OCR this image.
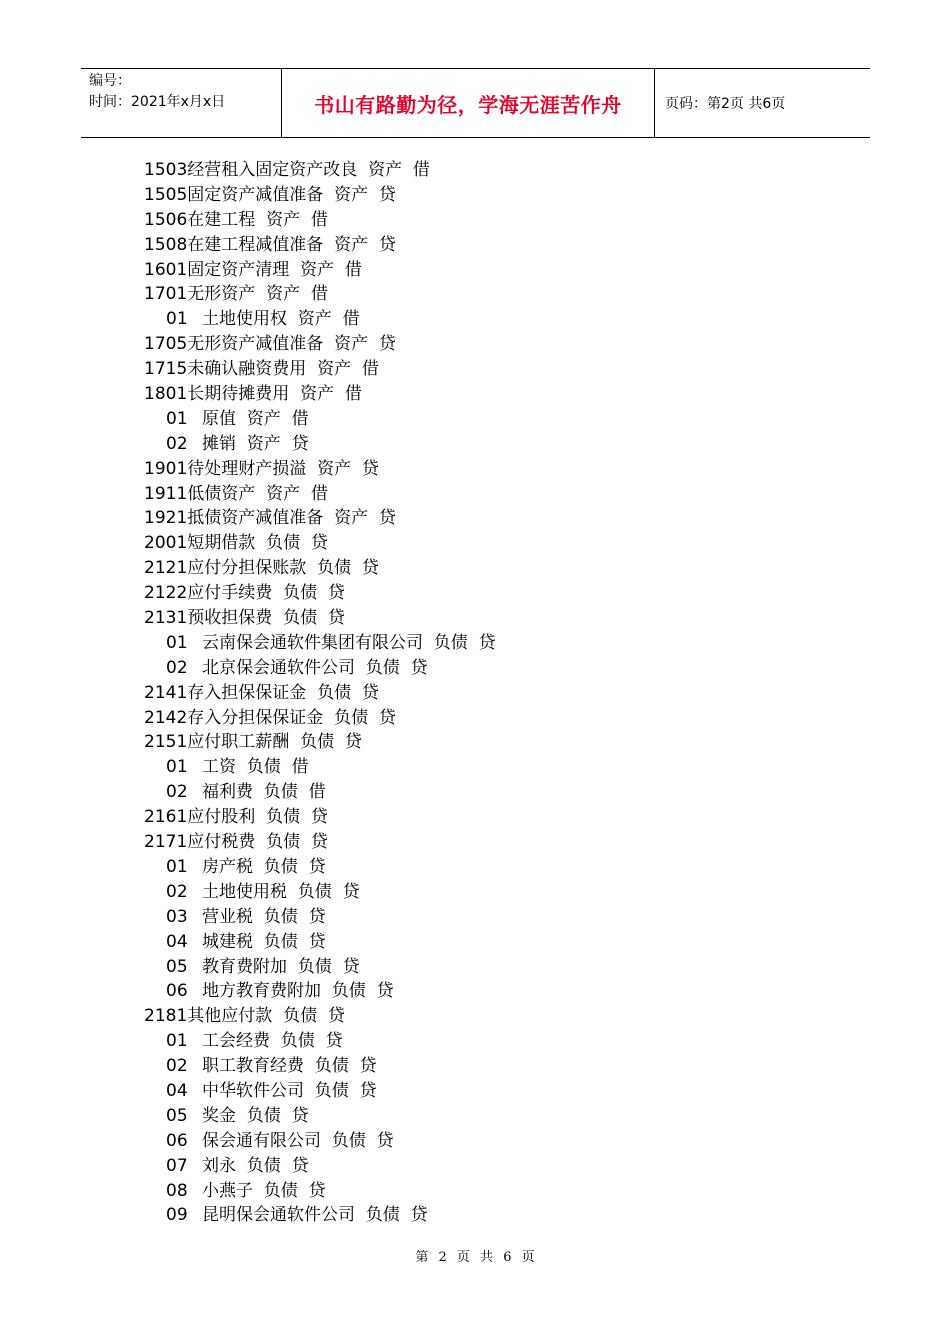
编号：
时间：2021年x月x日	书山有路勤为径，学海无涯苦作舟	页码：第2页 共6页
1503经营租入固定资产改良  资产  借
1505固定资产减值准备  资产  贷
1506在建工程  资产  借
1508在建工程减值准备  资产  贷
1601固定资产清理  资产  借
1701无形资产  资产  借
01 土地使用权  资产  借
1705无形资产减值准备  资产  贷
1715未确认融资费用  资产  借
1801长期待摊费用  资产  借
01 原值  资产  借
02 摊销  资产  贷
1901待处理财产损溢  资产  贷
1911低债资产  资产  借
1921抵债资产减值准备  资产  贷
2001短期借款  负债  贷
2121应付分担保账款  负债  贷
2122应付手续费  负债  贷
2131预收担保费  负债  贷
01 云南保会通软件集团有限公司  负债  贷
02 北京保会通软件公司  负债  贷
2141存入担保保证金  负债  贷
2142存入分担保保证金  负债  贷
2151应付职工薪酬  负债  贷
01 工资  负债  借
02 福利费  负债  借
2161应付股利  负债  贷
2171应付税费  负债  贷
01 房产税  负债  贷
02 土地使用税  负债  贷
03 营业税  负债  贷
04 城建税  负债  贷
05 教育费附加  负债  贷
06 地方教育费附加  负债  贷
2181其他应付款  负债  贷
01 工会经费  负债  贷
02 职工教育经费  负债  贷
04 中华软件公司  负债  贷
05 奖金  负债  贷
06 保会通有限公司  负债  贷
07 刘永  负债  贷
08 小燕子  负债  贷
09 昆明保会通软件公司  负债  贷
第 2 页 共 6 页
